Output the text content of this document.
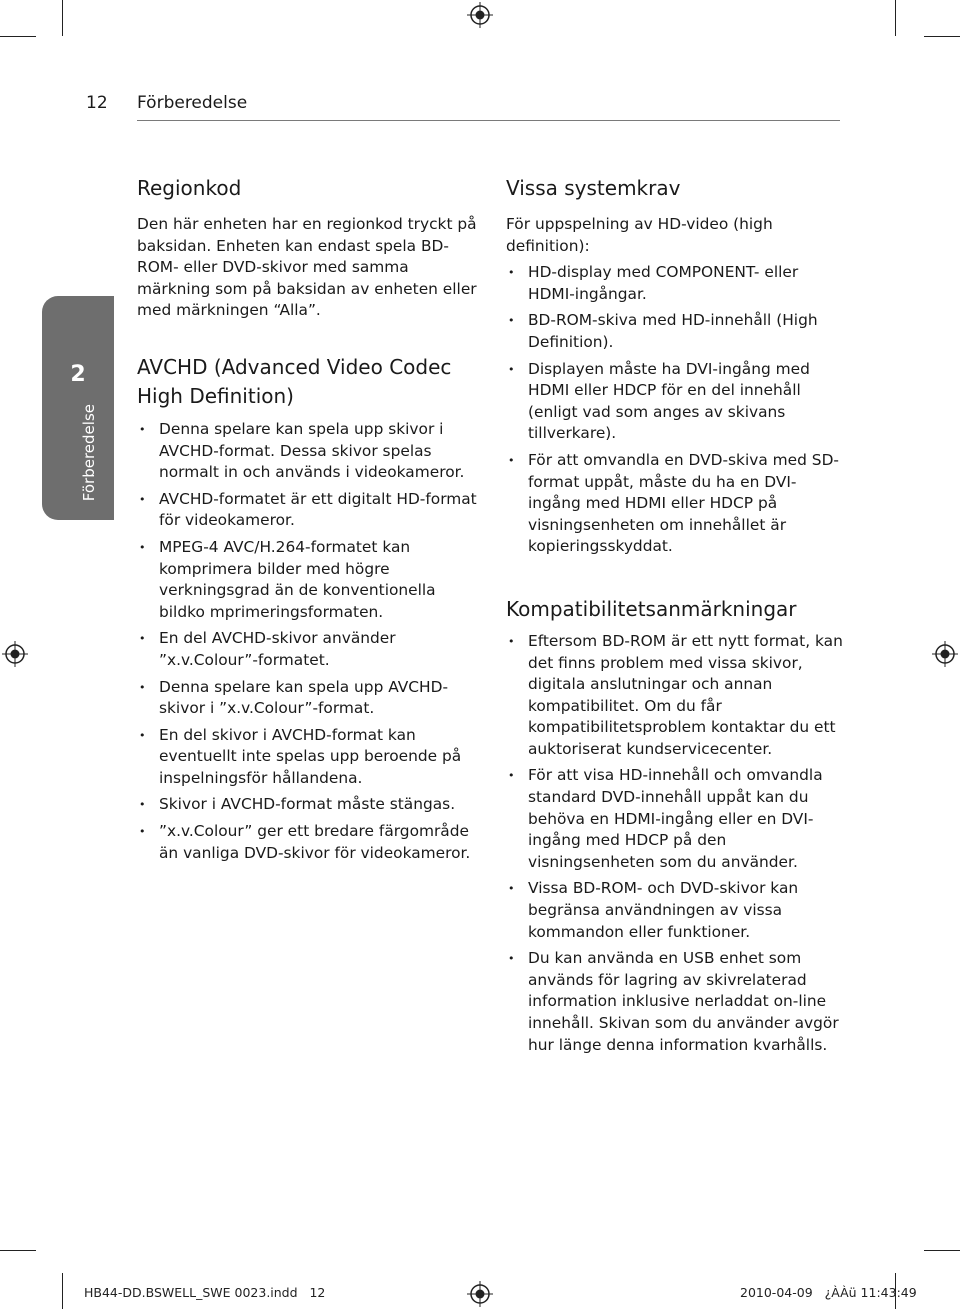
12 Förberedelse
2
Förberedelse
Regionkod

Den här enheten har en regionkod tryckt på baksidan. Enheten kan endast spela BD-ROM- eller DVD-skivor med samma märkning som på baksidan av enheten eller med märkningen “Alla”.

AVCHD (Advanced Video Codec High Definition)
• Denna spelare kan spela upp skivor i AVCHD-format. Dessa skivor spelas normalt in och används i videokameror.
• AVCHD-formatet är ett digitalt HD-format för videokameror.
• MPEG-4 AVC/H.264-formatet kan komprimera bilder med högre verkningsgrad än de konventionella bildko mprimeringsformaten.
• En del AVCHD-skivor använder ”x.v.Colour”-formatet.
• Denna spelare kan spela upp AVCHD-skivor i ”x.v.Colour”-format.
• En del skivor i AVCHD-format kan eventuellt inte spelas upp beroende på inspelningsför hållandena.
• Skivor i AVCHD-format måste stängas.
• ”x.v.Colour” ger ett bredare färgområde än vanliga DVD-skivor för videokameror.
Vissa systemkrav

För uppspelning av HD-video (high definition):

• HD-display med COMPONENT- eller HDMI-ingångar.
• BD-ROM-skiva med HD-innehåll (High Definition).
• Displayen måste ha DVI-ingång med HDMI eller HDCP för en del innehåll (enligt vad som anges av skivans tillverkare).
• För att omvandla en DVD-skiva med SD-format uppåt, måste du ha en DVI-ingång med HDMI eller HDCP på visningsenheten om innehållet är kopieringsskyddat.
Kompatibilitetsanmärkningar
• Eftersom BD-ROM är ett nytt format, kan det finns problem med vissa skivor, digitala anslutningar och annan kompatibilitet. Om du får kompatibilitetsproblem kontaktar du ett auktoriserat kundservicecenter.
• För att visa HD-innehåll och omvandla standard DVD-innehåll uppåt kan du behöva en HDMI-ingång eller en DVI-ingång med HDCP på den visningsenheten som du använder.
• Vissa BD-ROM- och DVD-skivor kan begränsa användningen av vissa kommandon eller funktioner.
• Du kan använda en USB enhet som används för lagring av skivrelaterad information inklusive nerladdat on-line innehåll. Skivan som du använder avgör hur länge denna information kvarhålls.
HB44-DD.BSWELL_SWE 0023.indd   12	2010-04-09   ¿ÀÀü 11:43:49
